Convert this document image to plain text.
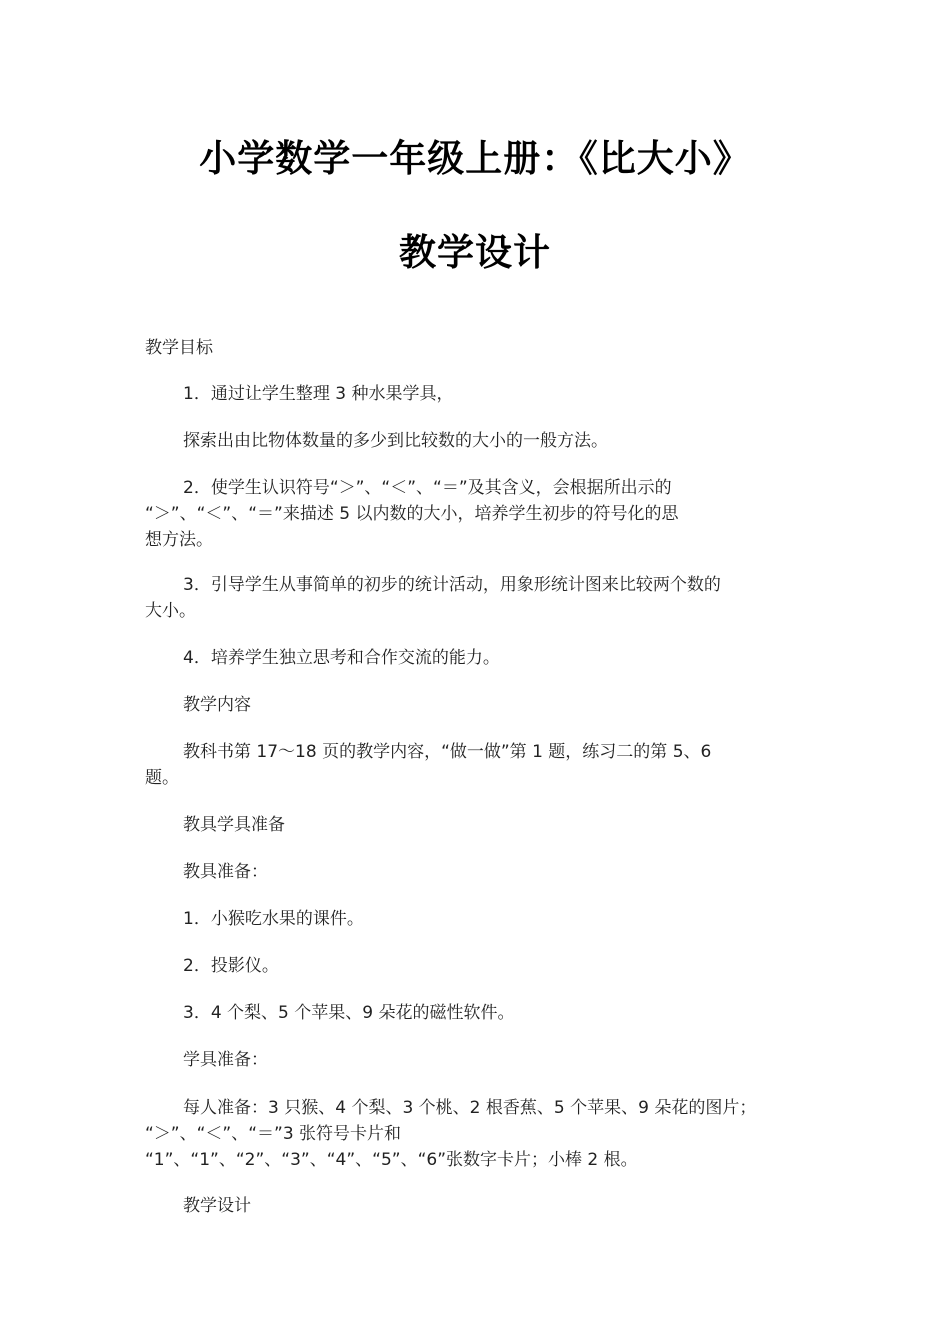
小学数学一年级上册：《比大小》
教学设计
教学目标
1．通过让学生整理 3 种水果学具，
探索出由比物体数量的多少到比较数的大小的一般方法。
2．使学生认识符号“＞”、“＜”、“＝”及其含义，会根据所出示的
“＞”、“＜”、“＝”来描述 5 以内数的大小，培养学生初步的符号化的思
想方法。
3．引导学生从事简单的初步的统计活动，用象形统计图来比较两个数的
大小。
4．培养学生独立思考和合作交流的能力。
教学内容
教科书第 17～18 页的教学内容，“做一做”第 1 题，练习二的第 5、6
题。
教具学具准备
教具准备：
1．小猴吃水果的课件。
2．投影仪。
3．4 个梨、5 个苹果、9 朵花的磁性软件。
学具准备：
每人准备：3 只猴、4 个梨、3 个桃、2 根香蕉、5 个苹果、9 朵花的图片；
“＞”、“＜”、“＝”3 张符号卡片和
“1”、“1”、“2”、“3”、“4”、“5”、“6”张数字卡片；小棒 2 根。
教学设计
